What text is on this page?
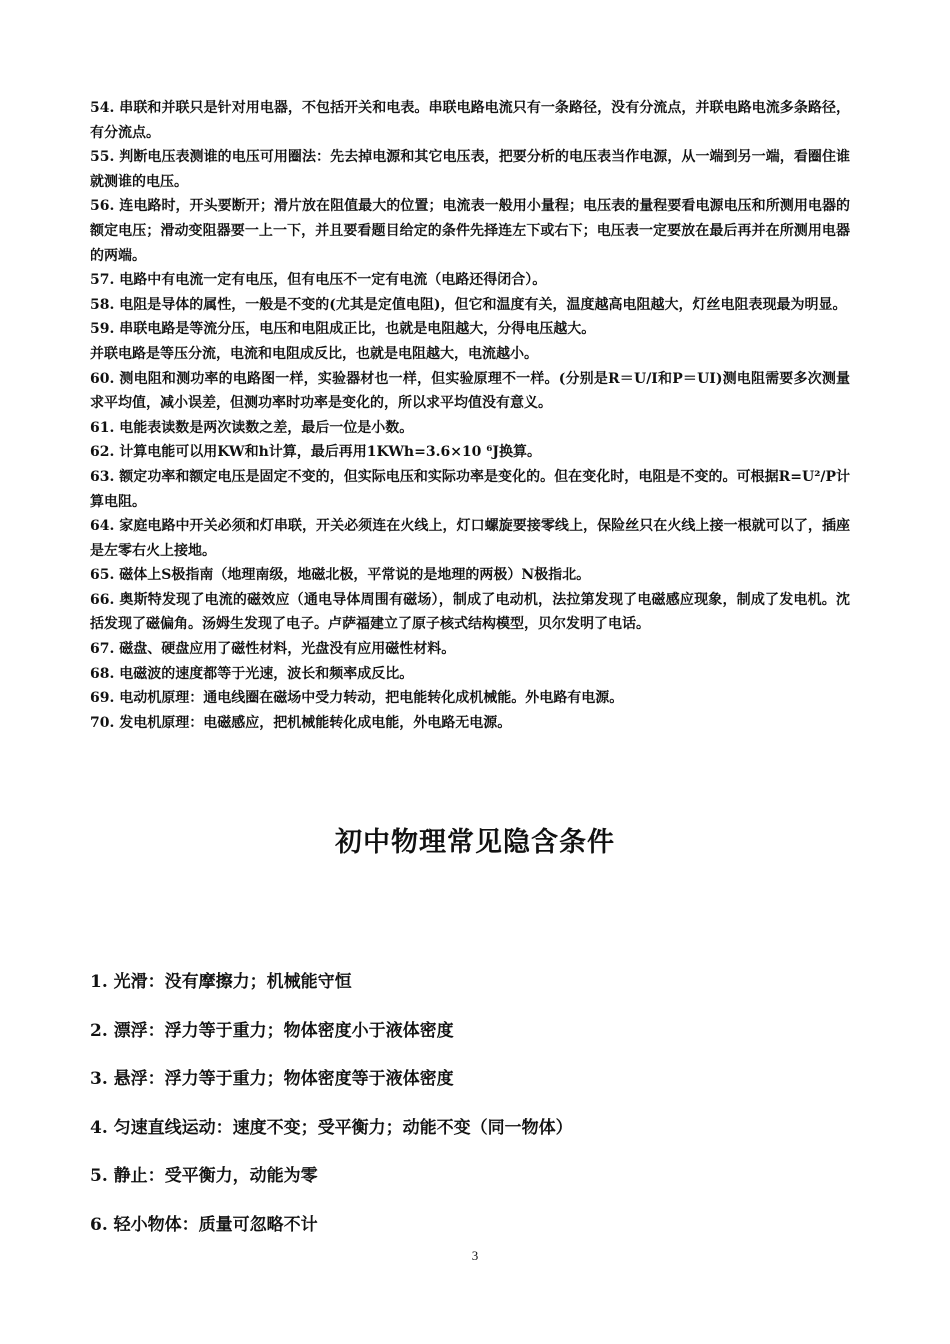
54. 串联和并联只是针对用电器，不包括开关和电表。串联电路电流只有一条路径，没有分流点，并联电路电流多条路径，有分流点。

55. 判断电压表测谁的电压可用圈法：先去掉电源和其它电压表，把要分析的电压表当作电源，从一端到另一端，看圈住谁就测谁的电压。

56. 连电路时，开头要断开；滑片放在阻值最大的位置；电流表一般用小量程；电压表的量程要看电源电压和所测用电器的额定电压；滑动变阻器要一上一下，并且要看题目给定的条件先择连左下或右下；电压表一定要放在最后再并在所测用电器的两端。

57. 电路中有电流一定有电压，但有电压不一定有电流（电路还得闭合）。

58. 电阻是导体的属性，一般是不变的(尤其是定值电阻)，但它和温度有关，温度越高电阻越大，灯丝电阻表现最为明显。

59. 串联电路是等流分压，电压和电阻成正比，也就是电阻越大，分得电压越大。

并联电路是等压分流，电流和电阻成反比，也就是电阻越大，电流越小。

60. 测电阻和测功率的电路图一样，实验器材也一样，但实验原理不一样。(分别是R＝U/I和P＝UI)测电阻需要多次测量求平均值，减小误差，但测功率时功率是变化的，所以求平均值没有意义。

61. 电能表读数是两次读数之差，最后一位是小数。

62. 计算电能可以用KW和h计算，最后再用1KWh=3.6×10 ⁶J换算。

63. 额定功率和额定电压是固定不变的，但实际电压和实际功率是变化的。但在变化时，电阻是不变的。可根据R=U²/P计算电阻。

64. 家庭电路中开关必须和灯串联，开关必须连在火线上，灯口螺旋要接零线上，保险丝只在火线上接一根就可以了，插座是左零右火上接地。

65. 磁体上S极指南（地理南级，地磁北极，平常说的是地理的两极）N极指北。

66. 奥斯特发现了电流的磁效应（通电导体周围有磁场），制成了电动机，法拉第发现了电磁感应现象，制成了发电机。沈括发现了磁偏角。汤姆生发现了电子。卢萨福建立了原子核式结构模型，贝尔发明了电话。

67. 磁盘、硬盘应用了磁性材料，光盘没有应用磁性材料。

68. 电磁波的速度都等于光速，波长和频率成反比。

69. 电动机原理：通电线圈在磁场中受力转动，把电能转化成机械能。外电路有电源。

70. 发电机原理：电磁感应，把机械能转化成电能，外电路无电源。

初中物理常见隐含条件

1. 光滑：没有摩擦力；机械能守恒

2. 漂浮：浮力等于重力；物体密度小于液体密度

3. 悬浮：浮力等于重力；物体密度等于液体密度

4. 匀速直线运动：速度不变；受平衡力；动能不变（同一物体）

5. 静止：受平衡力，动能为零

6. 轻小物体：质量可忽略不计

3
